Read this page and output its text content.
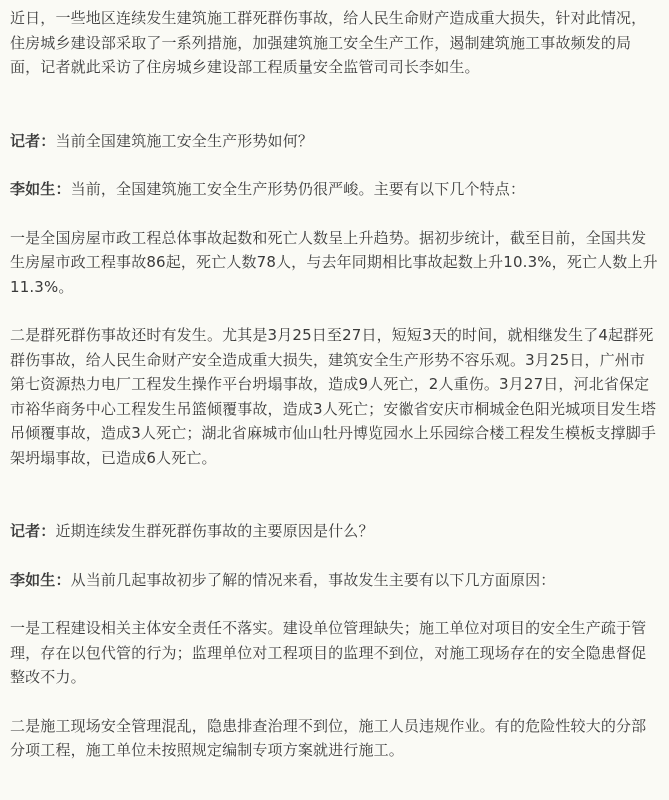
近日，一些地区连续发生建筑施工群死群伤事故，给人民生命财产造成重大损失，针对此情况，住房城乡建设部采取了一系列措施，加强建筑施工安全生产工作，遏制建筑施工事故频发的局面，记者就此采访了住房城乡建设部工程质量安全监管司司长李如生。

记者：当前全国建筑施工安全生产形势如何？

李如生：当前，全国建筑施工安全生产形势仍很严峻。主要有以下几个特点：

一是全国房屋市政工程总体事故起数和死亡人数呈上升趋势。据初步统计，截至目前，全国共发生房屋市政工程事故86起，死亡人数78人，与去年同期相比事故起数上升10.3%，死亡人数上升11.3%。

二是群死群伤事故还时有发生。尤其是3月25日至27日，短短3天的时间，就相继发生了4起群死群伤事故，给人民生命财产安全造成重大损失，建筑安全生产形势不容乐观。3月25日，广州市第七资源热力电厂工程发生操作平台坍塌事故，造成9人死亡，2人重伤。3月27日，河北省保定市裕华商务中心工程发生吊篮倾覆事故，造成3人死亡；安徽省安庆市桐城金色阳光城项目发生塔吊倾覆事故，造成3人死亡；湖北省麻城市仙山牡丹博览园水上乐园综合楼工程发生模板支撑脚手架坍塌事故，已造成6人死亡。

记者：近期连续发生群死群伤事故的主要原因是什么？

李如生：从当前几起事故初步了解的情况来看，事故发生主要有以下几方面原因：

一是工程建设相关主体安全责任不落实。建设单位管理缺失；施工单位对项目的安全生产疏于管理，存在以包代管的行为；监理单位对工程项目的监理不到位，对施工现场存在的安全隐患督促整改不力。

二是施工现场安全管理混乱，隐患排查治理不到位，施工人员违规作业。有的危险性较大的分部分项工程，施工单位未按照规定编制专项方案就进行施工。
